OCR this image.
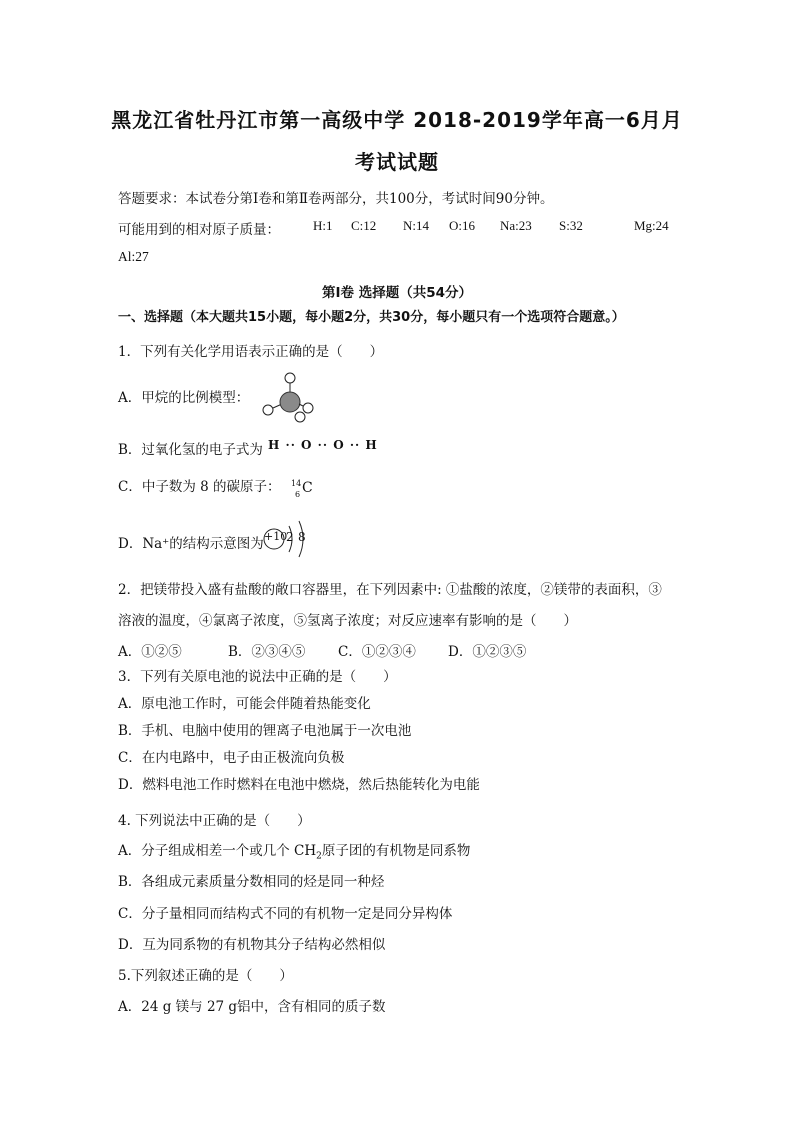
黑龙江省牡丹江市第一高级中学 2018-2019学年高一6月月
考试试题
答题要求：本试卷分第Ⅰ卷和第Ⅱ卷两部分，共100分，考试时间90分钟。
可能用到的相对原子质量：	H:1 C:12 N:14 O:16 Na:23 S:32	Mg:24
Al:27
第Ⅰ卷 选择题（共54分）
一、选择题（本大题共15小题，每小题2分，共30分，每小题只有一个选项符合题意。）
1．下列有关化学用语表示正确的是（　　）
A．甲烷的比例模型：
B．过氧化氢的电子式为 H ·· O ·· O ·· H
C．中子数为 8 的碳原子： 14
6 C
D．Na⁺的结构示意图为 +10
2 8
2．把镁带投入盛有盐酸的敞口容器里，在下列因素中: ①盐酸的浓度，②镁带的表面积，③
溶液的温度，④氯离子浓度，⑤氢离子浓度；对反应速率有影响的是（　　）
A．①②⑤	B．②③④⑤ C．①②③④ D．①②③⑤
3．下列有关原电池的说法中正确的是（　　）
A．原电池工作时，可能会伴随着热能变化
B．手机、电脑中使用的锂离子电池属于一次电池
C．在内电路中，电子由正极流向负极
D．燃料电池工作时燃料在电池中燃烧，然后热能转化为电能
4. 下列说法中正确的是（　　）
A．分子组成相差一个或几个 $CH_2$原子团的有机物是同系物
B．各组成元素质量分数相同的烃是同一种烃
C．分子量相同而结构式不同的有机物一定是同分异构体
D．互为同系物的有机物其分子结构必然相似
5.下列叙述正确的是（　　）
A．24 g 镁与 27 g铝中，含有相同的质子数
